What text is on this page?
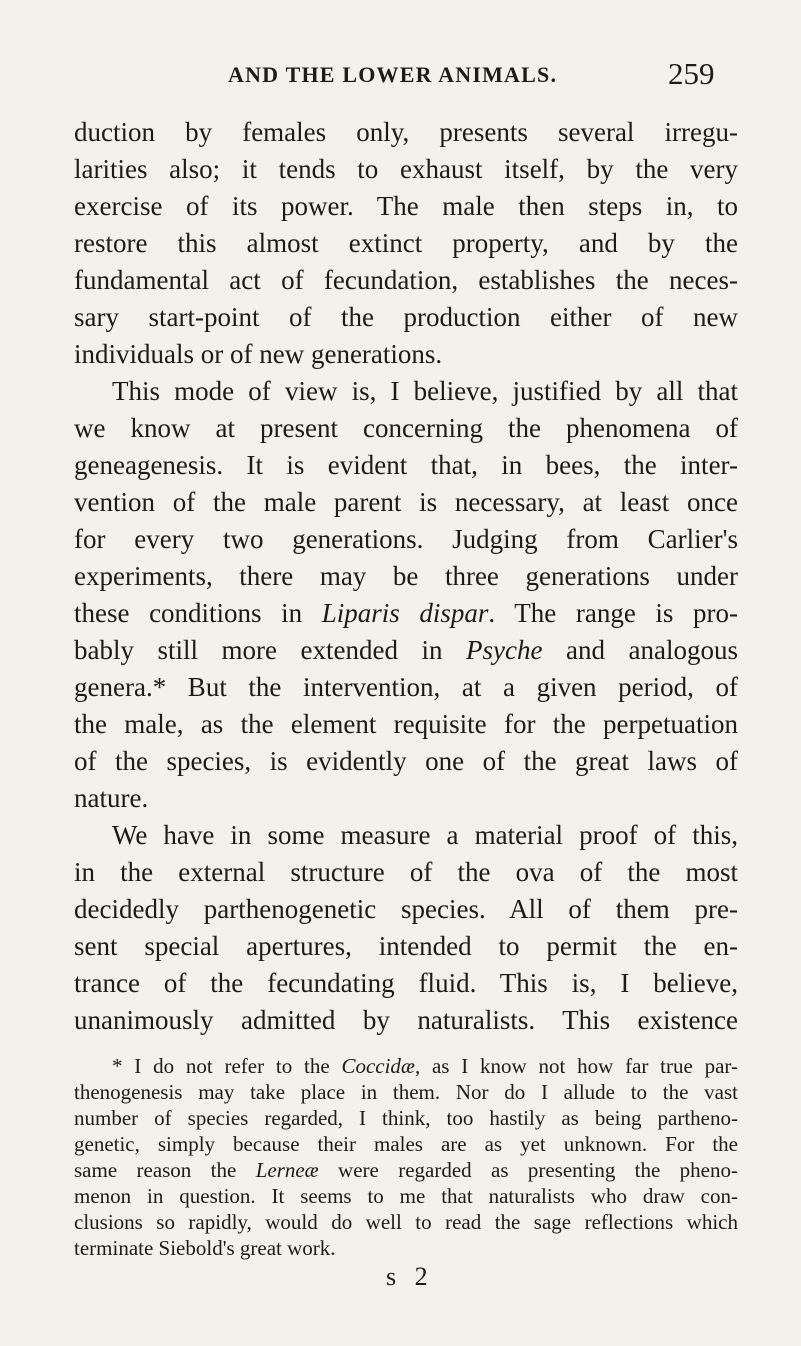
AND THE LOWER ANIMALS.	259
duction by females only, presents several irregu-
larities also; it tends to exhaust itself, by the very
exercise of its power. The male then steps in, to
restore this almost extinct property, and by the
fundamental act of fecundation, establishes the neces-
sary start-point of the production either of new
individuals or of new generations.
This mode of view is, I believe, justified by all that
we know at present concerning the phenomena of
geneagenesis. It is evident that, in bees, the inter-
vention of the male parent is necessary, at least once
for every two generations. Judging from Carlier's
experiments, there may be three generations under
these conditions in Liparis dispar. The range is pro-
bably still more extended in Psyche and analogous
genera.* But the intervention, at a given period, of
the male, as the element requisite for the perpetuation
of the species, is evidently one of the great laws of
nature.
We have in some measure a material proof of this,
in the external structure of the ova of the most
decidedly parthenogenetic species. All of them pre-
sent special apertures, intended to permit the en-
trance of the fecundating fluid. This is, I believe,
unanimously admitted by naturalists. This existence
* I do not refer to the Coccidæ, as I know not how far true par-
thenogenesis may take place in them. Nor do I allude to the vast
number of species regarded, I think, too hastily as being partheno-
genetic, simply because their males are as yet unknown. For the
same reason the Lerneæ were regarded as presenting the pheno-
menon in question. It seems to me that naturalists who draw con-
clusions so rapidly, would do well to read the sage reflections which
terminate Siebold's great work.
s 2
